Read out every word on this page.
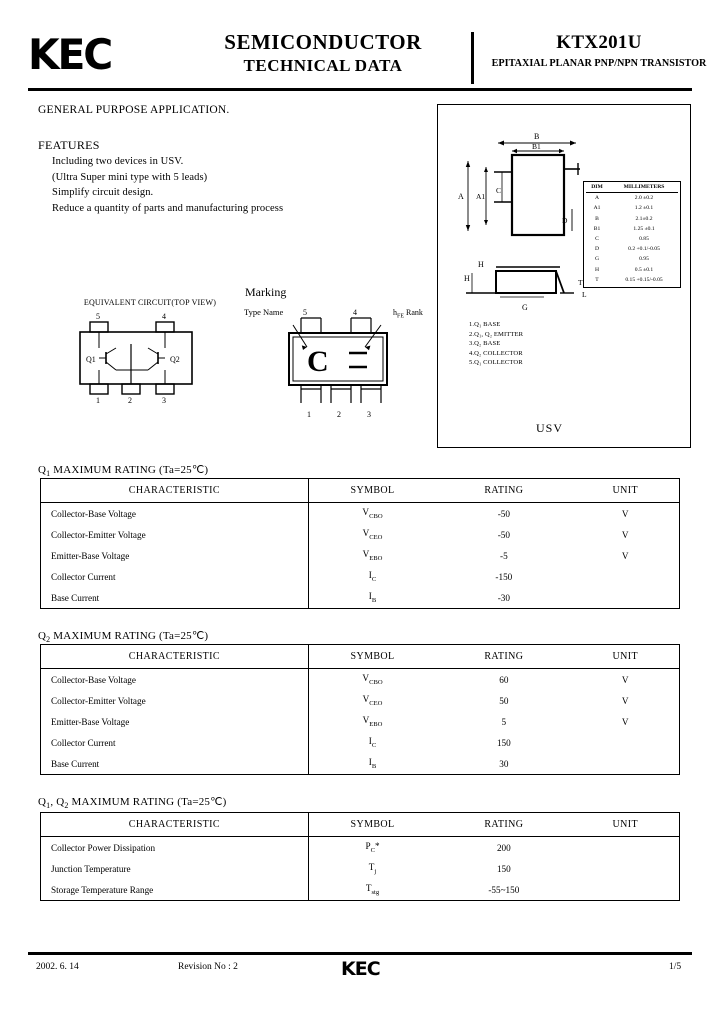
KEC	SEMICONDUCTOR
TECHNICAL DATA
KTX201U
EPITAXIAL PLANAR PNP/NPN TRANSISTOR
GENERAL PURPOSE APPLICATION.
FEATURES
Including two devices in USV.
(Ultra Super mini type with 5 leads)
Simplify circuit design.
Reduce a quantity of parts and manufacturing process
B
B1
A A1
C
D
H
H
G
T
L
1.Q₁ BASE
2.Q₁, Q₂ EMITTER
3.Q₂ BASE
4.Q₂ COLLECTOR
5.Q₁ COLLECTOR
DIM	MILLIMETERS
A	2.0 ±0.2
A1	1.2 ±0.1
B	2.1±0.2
B1	1.25 ±0.1
C	0.85
D	0.2 +0.1/-0.05
G	0.95
H	0.5 ±0.1
T	0.15 +0.15/-0.05
USV
EQUIVALENT CIRCUIT(TOP VIEW)
5	4
1	2	3
Q1	Q2
Marking
Type Name	$h_{FE}$ Rank
5	4
C
1	2	3
$Q_1$ MAXIMUM RATING (Ta=25℃)
CHARACTERISTIC	SYMBOL	RATING	UNIT
Collector-Base Voltage	$V_{CBO}$	-50	V
Collector-Emitter Voltage	$V_{CEO}$	-50	V
Emitter-Base Voltage	$V_{EBO}$	-5	V
Collector Current	$I_C$	-150	
Base Current	$I_B$	-30	
$Q_2$ MAXIMUM RATING (Ta=25℃)
CHARACTERISTIC	SYMBOL	RATING	UNIT
Collector-Base Voltage	$V_{CBO}$	60	V
Collector-Emitter Voltage	$V_{CEO}$	50	V
Emitter-Base Voltage	$V_{EBO}$	5	V
Collector Current	$I_C$	150	
Base Current	$I_B$	30	
$Q_1$, $Q_2$ MAXIMUM RATING (Ta=25℃)
CHARACTERISTIC	SYMBOL	RATING	UNIT
Collector Power Dissipation	$P_C*$	200	
Junction Temperature	$T_j$	150	
Storage Temperature Range	$T_{stg}$	-55~150	
2002. 6. 14	Revision No : 2	KEC	1/5
